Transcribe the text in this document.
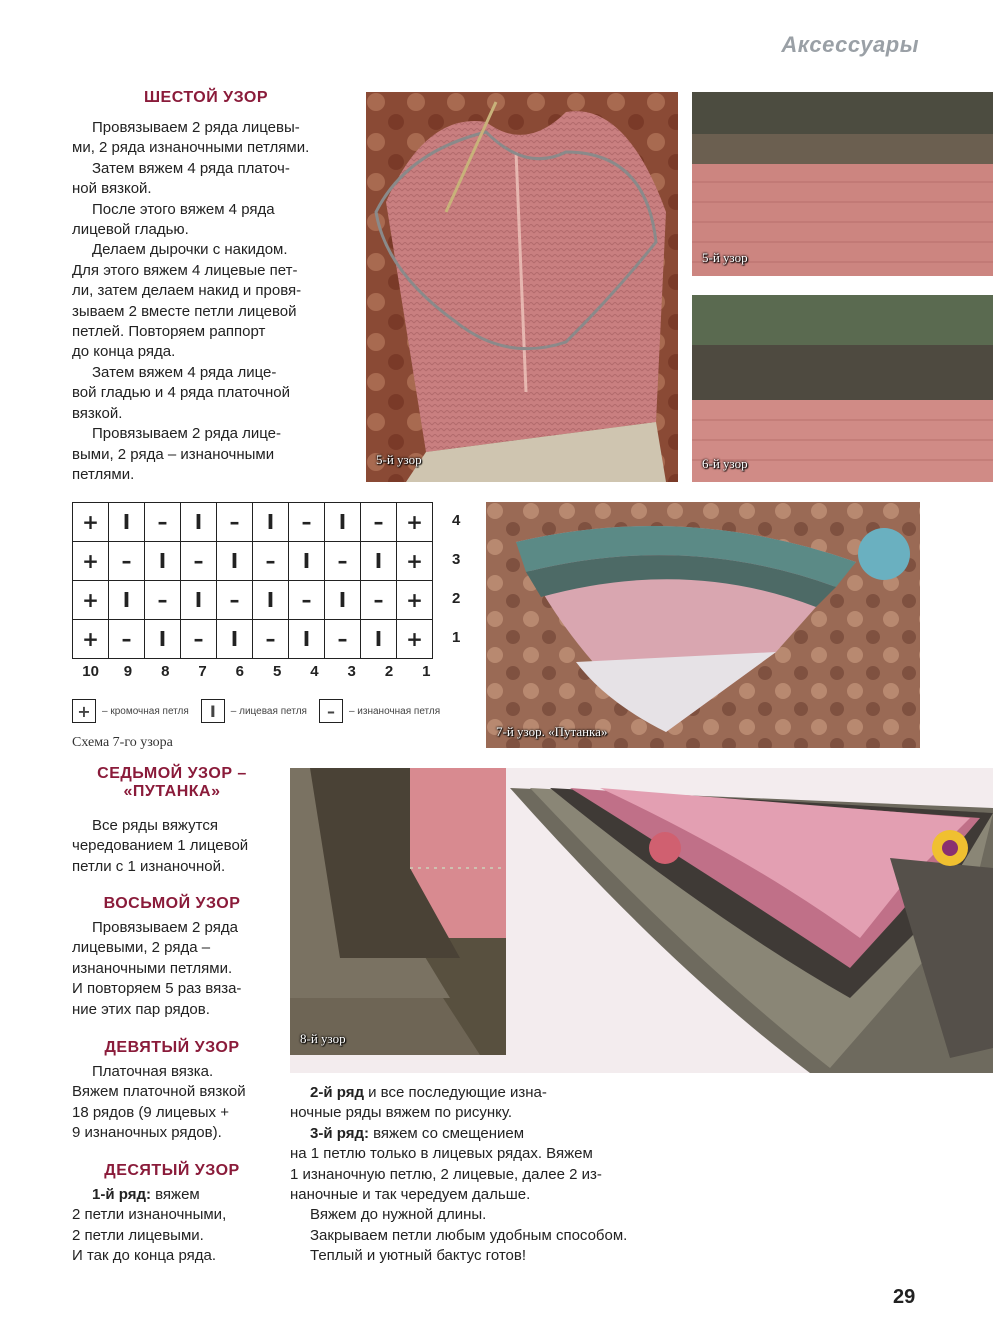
Аксессуары
ШЕСТОЙ УЗОР

Провязываем 2 ряда лицевы-

ми, 2 ряда изнаночными петлями.

Затем вяжем 4 ряда платоч-

ной вязкой.

После этого вяжем 4 ряда

лицевой гладью.

Делаем дырочки с накидом.

Для этого вяжем 4 лицевые пет-

ли, затем делаем накид и провя-

зываем 2 вместе петли лицевой

петлей. Повторяем раппорт

до конца ряда.

Затем вяжем 4 ряда лице-

вой гладью и 4 ряда платочной

вязкой.

Провязываем 2 ряда лице-

выми, 2 ряда – изнаночными

петлями.

5-й узор
5-й узор
6-й узор
+	I	–	I	–	I	–	I	–	+
+	–	I	–	I	–	I	–	I	+
+	I	–	I	–	I	–	I	–	+
+	–	I	–	I	–	I	–	I	+
4
3
2
1
10	9	8	7	6	5	4	3	2	1
+	– кромочная петля	I	– лицевая петля	–	– изнаночная петля
Схема 7-го узора
7-й узор. «Путанка»
СЕДЬМОЙ УЗОР –
«ПУТАНКА»

Все ряды вяжутся

чередованием 1 лицевой

петли с 1 изнаночной.

ВОСЬМОЙ УЗОР

Провязываем 2 ряда

лицевыми, 2 ряда –

изнаночными петлями.

И повторяем 5 раз вяза-

ние этих пар рядов.

ДЕВЯТЫЙ УЗОР

Платочная вязка.

Вяжем платочной вязкой

18 рядов (9 лицевых +

9 изнаночных рядов).

ДЕСЯТЫЙ УЗОР

1-й ряд: вяжем

2 петли изнаночными,

2 петли лицевыми.

И так до конца ряда.

8-й узор

2-й ряд и все последующие изна-

ночные ряды вяжем по рисунку.

3-й ряд: вяжем со смещением

на 1 петлю только в лицевых рядах. Вяжем

1 изнаночную петлю, 2 лицевые, далее 2 из-

наночные и так чередуем дальше.

Вяжем до нужной длины.

Закрываем петли любым удобным способом.

Теплый и уютный бактус готов!

29
